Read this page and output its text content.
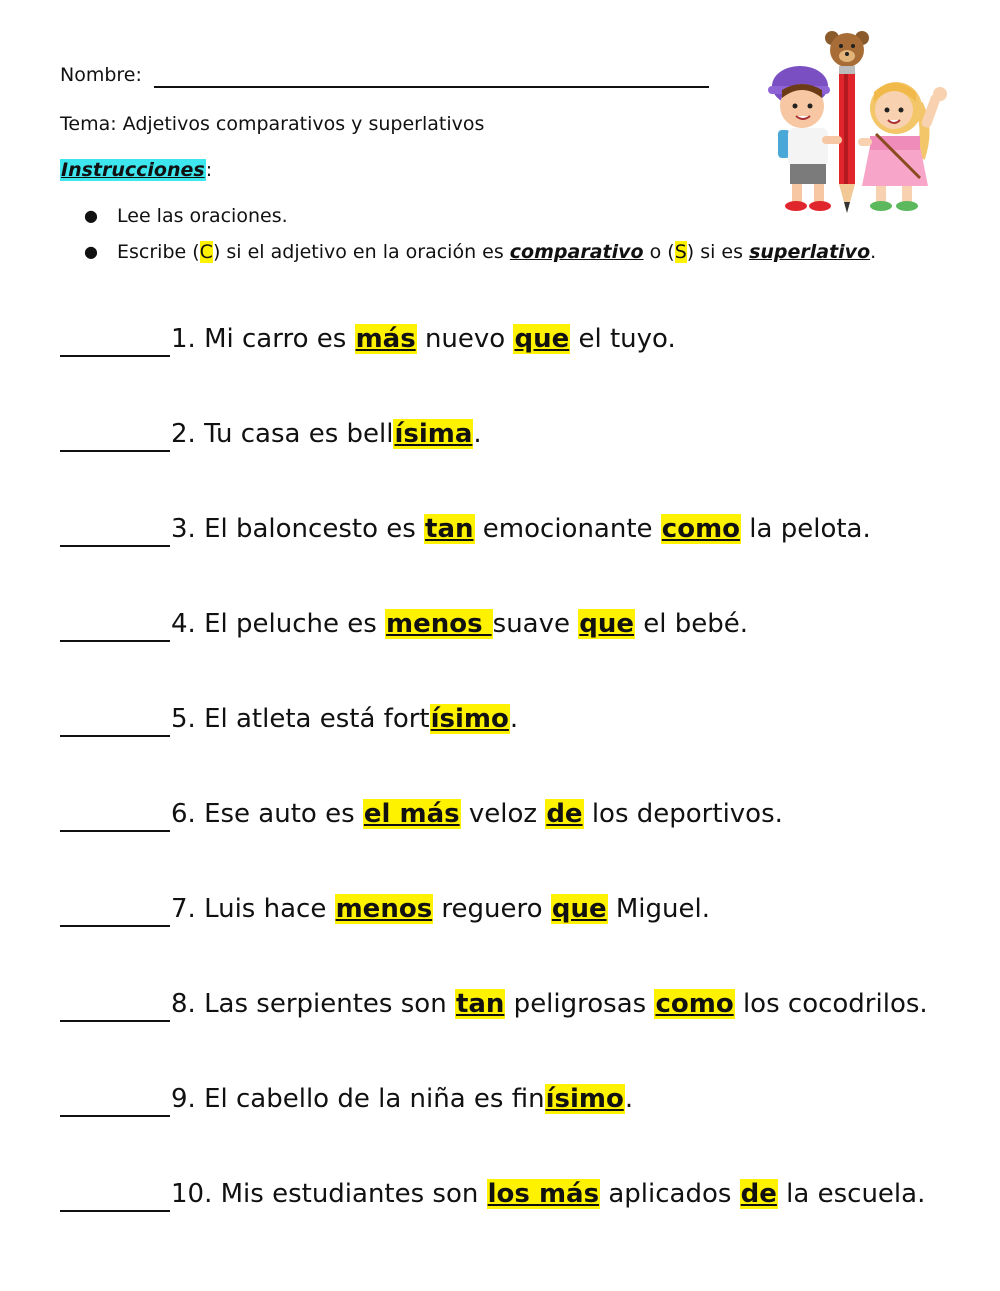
Nombre:
Tema: Adjetivos comparativos y superlativos
Instrucciones:
● Lee las oraciones.
● Escribe (C) si el adjetivo en la oración es comparativo o (S) si es superlativo.
1. Mi carro es más nuevo que el tuyo.
2. Tu casa es bellísima.
3. El baloncesto es tan emocionante como la pelota.
4. El peluche es menos suave que el bebé.
5. El atleta está fortísimo.
6. Ese auto es el más veloz de los deportivos.
7. Luis hace menos reguero que Miguel.
8. Las serpientes son tan peligrosas como los cocodrilos.
9. El cabello de la niña es finísimo.
10. Mis estudiantes son los más aplicados de la escuela.
